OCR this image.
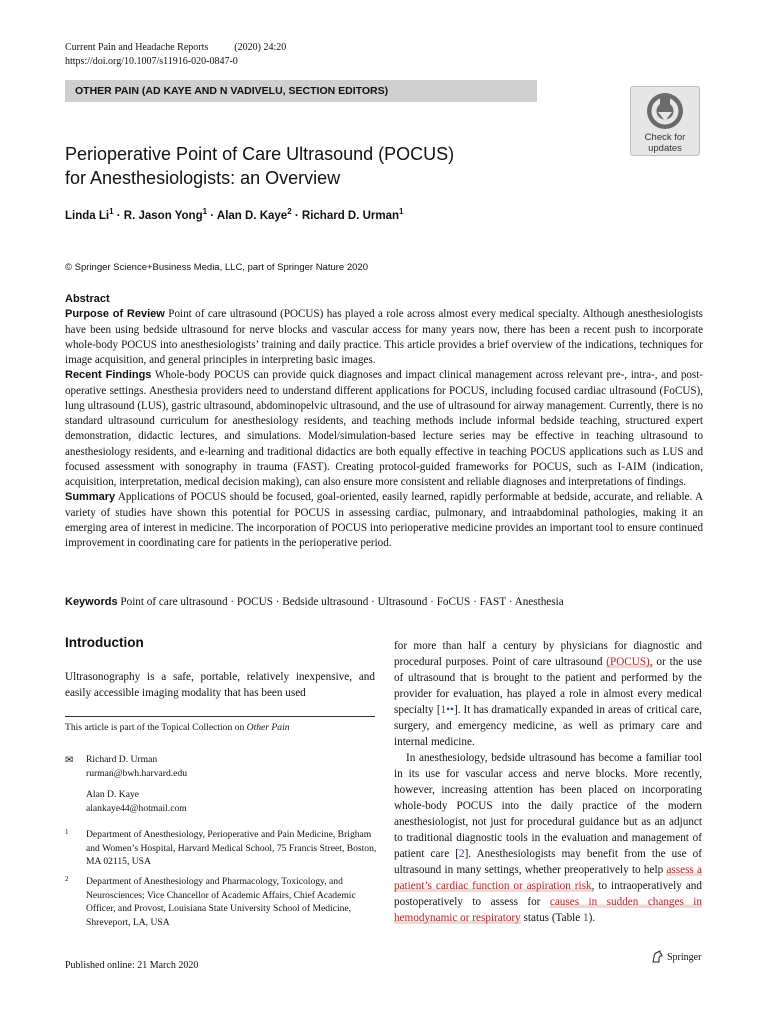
Current Pain and Headache Reports	(2020) 24:20
https://doi.org/10.1007/s11916-020-0847-0
OTHER PAIN (AD KAYE AND N VADIVELU, SECTION EDITORS)
Check for
updates
Perioperative Point of Care Ultrasound (POCUS)
for Anesthesiologists: an Overview
Linda $Li^1 \cdot R$. Jason Yong$^1$ · Alan D. Kaye$^2$ · Richard D. Urman$^1$
© Springer Science+Business Media, LLC, part of Springer Nature 2020
Abstract

Purpose of Review Point of care ultrasound (POCUS) has played a role across almost every medical specialty. Although anesthesiologists have been using bedside ultrasound for nerve blocks and vascular access for many years now, there has been a recent push to incorporate whole-body POCUS into anesthesiologists’ training and daily practice. This article provides a brief overview of the indications, techniques for image acquisition, and general principles in interpreting basic images.

Recent Findings Whole-body POCUS can provide quick diagnoses and impact clinical management across relevant pre-, intra-, and post-operative settings. Anesthesia providers need to understand different applications for POCUS, including focused cardiac ultrasound (FoCUS), lung ultrasound (LUS), gastric ultrasound, abdominopelvic ultrasound, and the use of ultrasound for airway management. Currently, there is no standard ultrasound curriculum for anesthesiology residents, and teaching methods include informal bedside teaching, structured expert demonstration, didactic lectures, and simulations. Model/simulation-based lecture series may be effective in teaching ultrasound to anesthesiology residents, and e-learning and traditional didactics are both equally effective in teaching POCUS applications such as LUS and focused assessment with sonography in trauma (FAST). Creating protocol-guided frameworks for POCUS, such as I-AIM (indication, acquisition, interpretation, medical decision making), can also ensure more consistent and reliable diagnoses and interpretations of findings.

Summary Applications of POCUS should be focused, goal-oriented, easily learned, rapidly performable at bedside, accurate, and reliable. A variety of studies have shown this potential for POCUS in assessing cardiac, pulmonary, and intraabdominal pathologies, making it an emerging area of interest in medicine. The incorporation of POCUS into perioperative medicine provides an important tool to ensure continued improvement in coordinating care for patients in the perioperative period.

Keywords Point of care ultrasound · POCUS · Bedside ultrasound · Ultrasound · FoCUS · FAST · Anesthesia
Introduction

Ultrasonography is a safe, portable, relatively inexpensive, and easily accessible imaging modality that has been used

This article is part of the Topical Collection on Other Pain
✉ Richard D. Urman
rurman@bwh.harvard.edu
Alan D. Kaye
alankaye44@hotmail.com
1 Department of Anesthesiology, Perioperative and Pain Medicine, Brigham and Women’s Hospital, Harvard Medical School, 75 Francis Street, Boston, MA 02115, USA
2 Department of Anesthesiology and Pharmacology, Toxicology, and Neurosciences; Vice Chancellor of Academic Affairs, Chief Academic Officer, and Provost, Louisiana State University School of Medicine, Shreveport, LA, USA

for more than half a century by physicians for diagnostic and procedural purposes. Point of care ultrasound (POCUS), or the use of ultrasound that is brought to the patient and performed by the provider for evaluation, has played a role in almost every medical specialty [1••]. It has dramatically expanded in areas of critical care, surgery, and emergency medicine, as well as primary care and internal medicine.

In anesthesiology, bedside ultrasound has become a familiar tool in its use for vascular access and nerve blocks. More recently, however, increasing attention has been placed on incorporating whole-body POCUS into the daily practice of the modern anesthesiologist, not just for procedural guidance but as an adjunct to traditional diagnostic tools in the evaluation and management of patient care [2]. Anesthesiologists may benefit from the use of ultrasound in many settings, whether preoperatively to help assess a patient’s cardiac function or aspiration risk, to intraoperatively and postoperatively to assess for causes in sudden changes in hemodynamic or respiratory status (Table 1).

Published online: 21 March 2020
Springer
